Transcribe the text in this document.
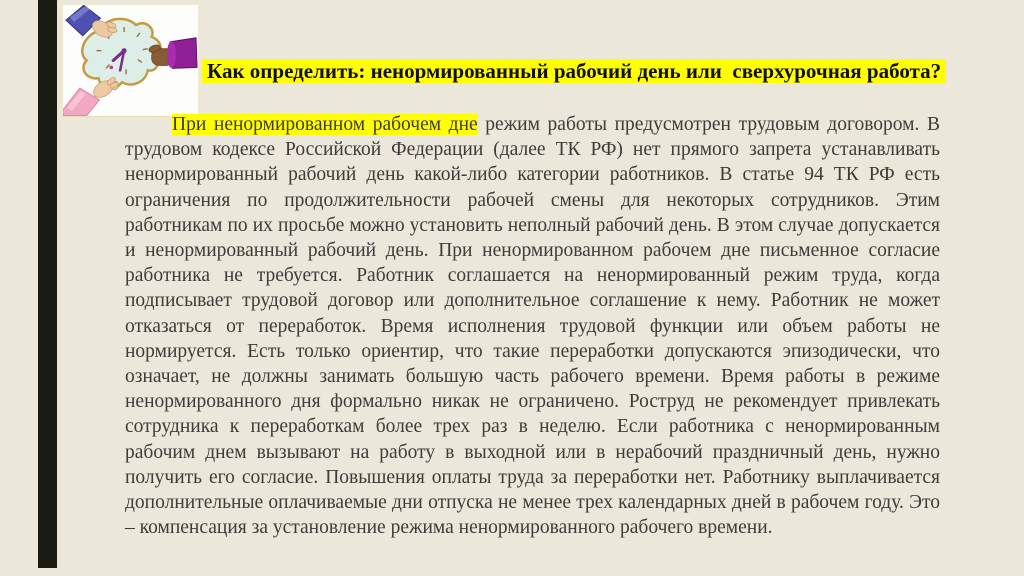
Как определить: ненормированный рабочий день или  сверхурочная работа?

При ненормированном рабочем дне режим работы предусмотрен трудовым договором. В трудовом кодексе Российской Федерации (далее ТК РФ) нет прямого запрета устанавливать ненормированный рабочий день какой-либо категории работников. В статье 94 ТК РФ есть ограничения по продолжительности рабочей смены для некоторых сотрудников. Этим работникам по их просьбе можно установить неполный рабочий день. В этом случае допускается и ненормированный рабочий день. При ненормированном рабочем дне письменное согласие работника не требуется. Работник соглашается на ненормированный режим труда, когда подписывает трудовой договор или дополнительное соглашение к нему. Работник не может отказаться от переработок. Время исполнения трудовой функции или объем работы не нормируется. Есть только ориентир, что такие переработки допускаются эпизодически, что означает, не должны занимать большую часть рабочего времени. Время работы в режиме ненормированного дня формально никак не ограничено. Роструд не рекомендует привлекать сотрудника к переработкам более трех раз в неделю. Если работника с ненормированным рабочим днем вызывают на работу в выходной или в нерабочий праздничный день, нужно получить его согласие. Повышения оплаты труда за переработки нет. Работнику выплачивается дополнительные оплачиваемые дни отпуска не менее трех календарных дней в рабочем году. Это – компенсация за установление режима ненормированного рабочего времени.
